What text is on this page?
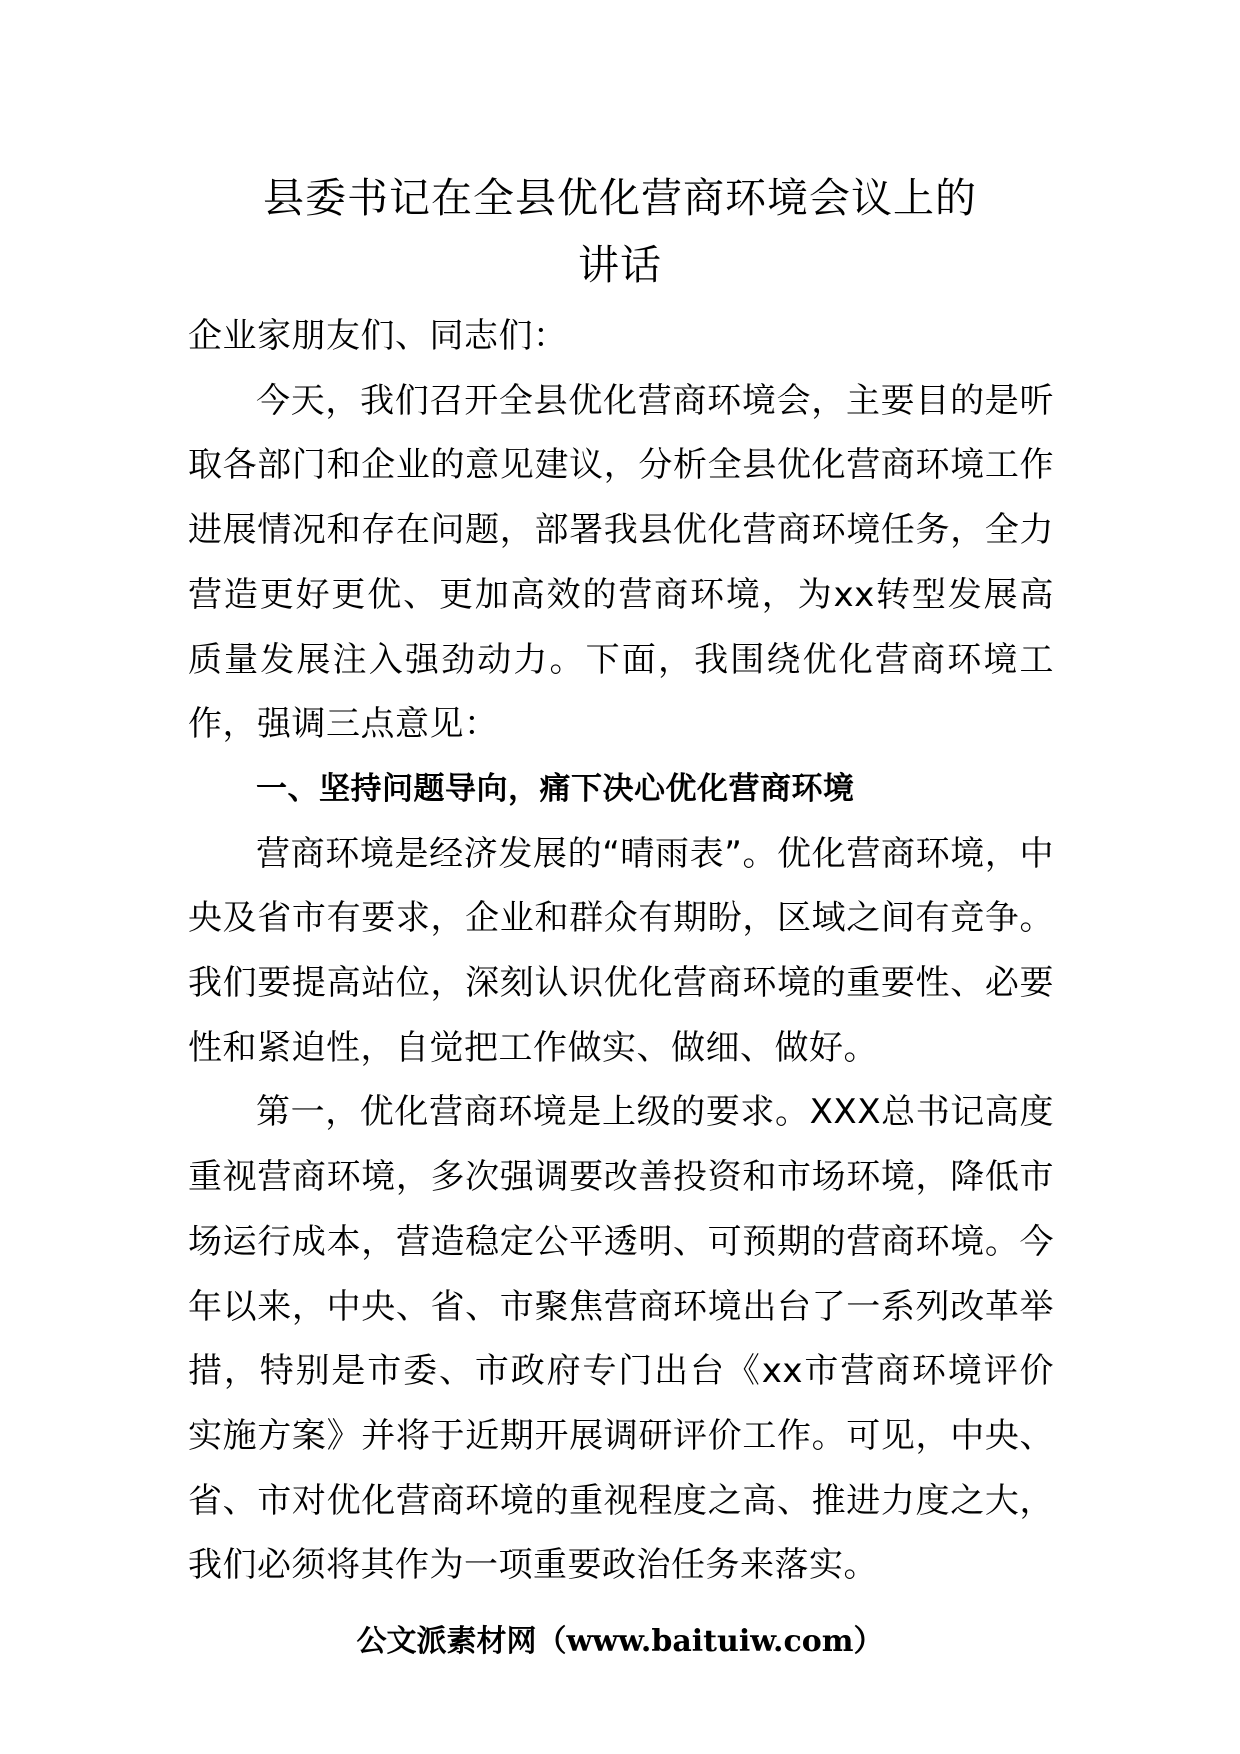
县委书记在全县优化营商环境会议上的
讲话

企业家朋友们、同志们：

今天，我们召开全县优化营商环境会，主要目的是听取各部门和企业的意见建议，分析全县优化营商环境工作进展情况和存在问题，部署我县优化营商环境任务，全力营造更好更优、更加高效的营商环境，为xx转型发展高质量发展注入强劲动力。下面，我围绕优化营商环境工作，强调三点意见：

一、坚持问题导向，痛下决心优化营商环境

营商环境是经济发展的“晴雨表”。优化营商环境，中央及省市有要求，企业和群众有期盼，区域之间有竞争。我们要提高站位，深刻认识优化营商环境的重要性、必要性和紧迫性，自觉把工作做实、做细、做好。

第一，优化营商环境是上级的要求。XXX总书记高度重视营商环境，多次强调要改善投资和市场环境，降低市场运行成本，营造稳定公平透明、可预期的营商环境。今年以来，中央、省、市聚焦营商环境出台了一系列改革举措，特别是市委、市政府专门出台《xx市营商环境评价实施方案》并将于近期开展调研评价工作。可见，中央、省、市对优化营商环境的重视程度之高、推进力度之大，我们必须将其作为一项重要政治任务来落实。

公文派素材网（www.baituiw.com）
